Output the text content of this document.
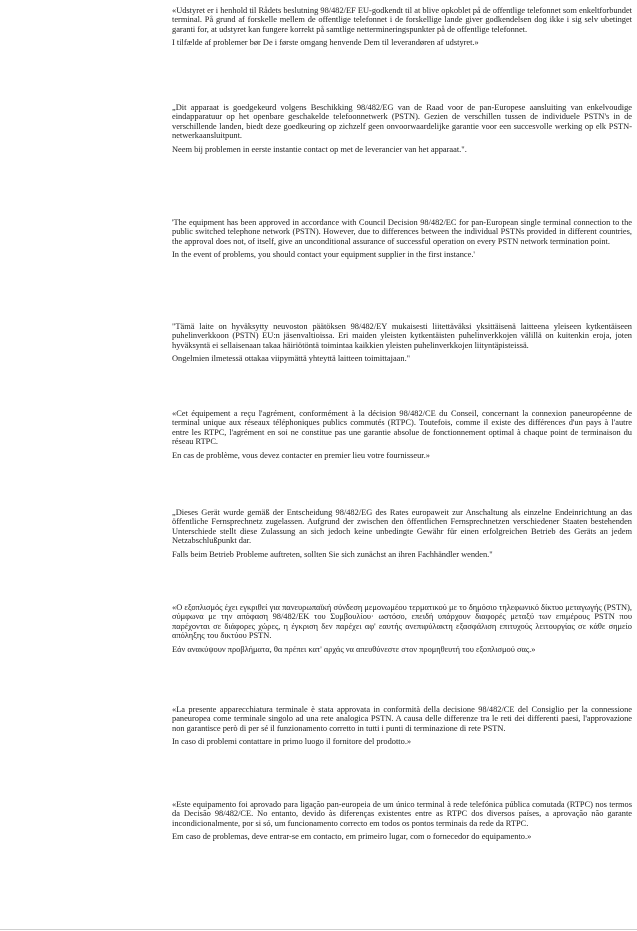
«Udstyret er i henhold til Rådets beslutning 98/482/EF EU-godkendt til at blive opkoblet på de offentlige telefonnet som enkeltforbundet terminal. På grund af forskelle mellem de offentlige telefonnet i de forskellige lande giver godkendelsen dog ikke i sig selv ubetinget garanti for, at udstyret kan fungere korrekt på samtlige nettermineringspunkter på de offentlige telefonnet.

I tilfælde af problemer bør De i første omgang henvende Dem til leverandøren af udstyret.»

„Dit apparaat is goedgekeurd volgens Beschikking 98/482/EG van de Raad voor de pan-Europese aansluiting van enkelvoudige eindapparatuur op het openbare geschakelde telefoonnetwerk (PSTN). Gezien de verschillen tussen de individuele PSTN's in de verschillende landen, biedt deze goedkeuring op zichzelf geen onvoorwaardelijke garantie voor een succesvolle werking op elk PSTN-netwerkaansluitpunt.

Neem bij problemen in eerste instantie contact op met de leverancier van het apparaat.".

'The equipment has been approved in accordance with Council Decision 98/482/EC for pan-European single terminal connection to the public switched telephone network (PSTN). However, due to differences between the individual PSTNs provided in different countries, the approval does not, of itself, give an unconditional assurance of successful operation on every PSTN network termination point.

In the event of problems, you should contact your equipment supplier in the first instance.'

"Tämä laite on hyväksytty neuvoston päätöksen 98/482/EY mukaisesti liitettäväksi yksittäisenä laitteena yleiseen kytkentäiseen puhelinverkkoon (PSTN) EU:n jäsenvaltioissa. Eri maiden yleisten kytkentäisten puhelinverkkojen välillä on kuitenkin eroja, joten hyväksyntä ei sellaisenaan takaa häiriötöntä toimintaa kaikkien yleisten puhelinverkkojen liityntäpisteissä.

Ongelmien ilmetessä ottakaa viipymättä yhteyttä laitteen toimittajaan."

«Cet équipement a reçu l'agrément, conformément à la décision 98/482/CE du Conseil, concernant la connexion paneuropéenne de terminal unique aux réseaux téléphoniques publics commutés (RTPC). Toutefois, comme il existe des différences d'un pays à l'autre entre les RTPC, l'agrément en soi ne constitue pas une garantie absolue de fonctionnement optimal à chaque point de terminaison du réseau RTPC.

En cas de problème, vous devez contacter en premier lieu votre fournisseur.»

„Dieses Gerät wurde gemäß der Entscheidung 98/482/EG des Rates europaweit zur Anschaltung als einzelne Endeinrichtung an das öffentliche Fernsprechnetz zugelassen. Aufgrund der zwischen den öffentlichen Fernsprechnetzen verschiedener Staaten bestehenden Unterschiede stellt diese Zulassung an sich jedoch keine unbedingte Gewähr für einen erfolgreichen Betrieb des Geräts an jedem Netzabschlußpunkt dar.

Falls beim Betrieb Probleme auftreten, sollten Sie sich zunächst an ihren Fachhändler wenden."

«Ο εξοπλισμός έχει εγκριθεί για πανευρωπαϊκή σύνδεση μεμονωμέου τερματικού με το δημόσιο τηλεφωνικό δίκτυο μεταγωγής (PSTN), σύμφωνα με την απόφαση 98/482/ΕΚ του Συμβουλίου· ωστόσο, επειδή υπάρχουν διαφορές μεταξύ των επιμέρους PSTN που παρέχονται σε διάφορες χώρες, η έγκριση δεν παρέχει αφ' εαυτής ανεπιφύλακτη εξασφάλιση επιτυχούς λειτουργίας σε κάθε σημείο απόληξης του δικτύου PSTN.

Εάν ανακύψουν προβλήματα, θα πρέπει κατ' αρχάς να απευθύνεστε στον προμηθευτή του εξοπλισμού σας.»

«La presente apparecchiatura terminale è stata approvata in conformità della decisione 98/482/CE del Consiglio per la connessione paneuropea come terminale singolo ad una rete analogica PSTN. A causa delle differenze tra le reti dei differenti paesi, l'approvazione non garantisce però di per sé il funzionamento corretto in tutti i punti di terminazione di rete PSTN.

In caso di problemi contattare in primo luogo il fornitore del prodotto.»

«Este equipamento foi aprovado para ligação pan-europeia de um único terminal à rede telefónica pública comutada (RTPC) nos termos da Decisão 98/482/CE. No entanto, devido às diferenças existentes entre as RTPC dos diversos países, a aprovação não garante incondicionalmente, por si só, um funcionamento correcto em todos os pontos terminais da rede da RTPC.

Em caso de problemas, deve entrar-se em contacto, em primeiro lugar, com o fornecedor do equipamento.»
